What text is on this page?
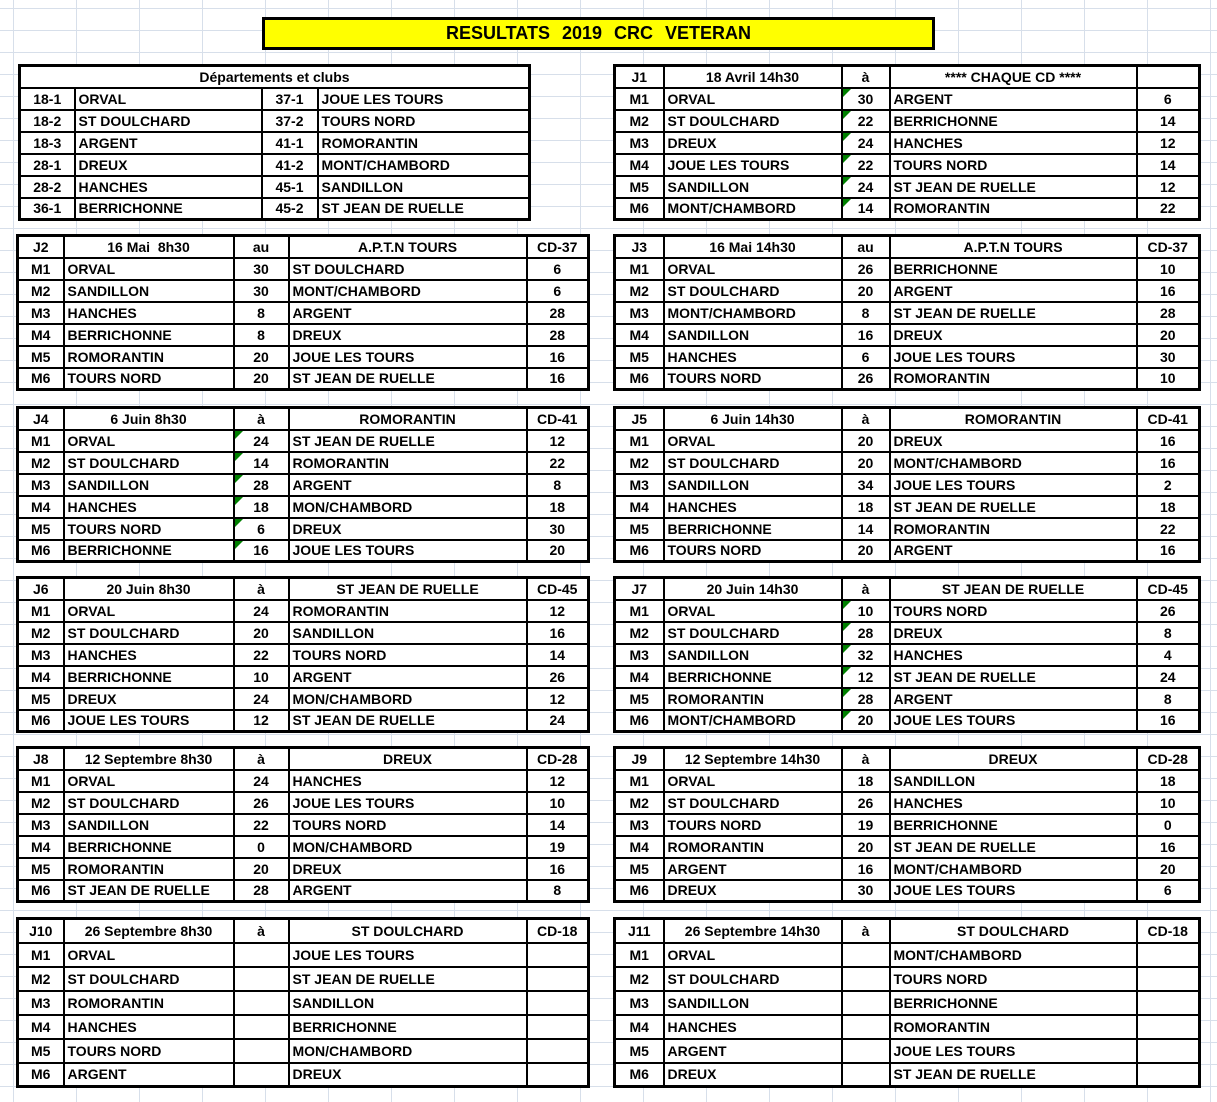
RESULTATS 2019 CRC VETERAN
Départements et clubs			
18-1	ORVAL	37-1	JOUE LES TOURS
18-2	ST DOULCHARD	37-2	TOURS NORD
18-3	ARGENT	41-1	ROMORANTIN
28-1	DREUX	41-2	MONT/CHAMBORD
28-2	HANCHES	45-1	SANDILLON
36-1	BERRICHONNE	45-2	ST JEAN DE RUELLE
J1	18 Avril 14h30	à	**** CHAQUE CD ****	
M1	ORVAL	30	ARGENT	6
M2	ST DOULCHARD	22	BERRICHONNE	14
M3	DREUX	24	HANCHES	12
M4	JOUE LES TOURS	22	TOURS NORD	14
M5	SANDILLON	24	ST JEAN DE RUELLE	12
M6	MONT/CHAMBORD	14	ROMORANTIN	22
J2	16 Mai  8h30	au	A.P.T.N TOURS	CD-37
M1	ORVAL	30	ST DOULCHARD	6
M2	SANDILLON	30	MONT/CHAMBORD	6
M3	HANCHES	8	ARGENT	28
M4	BERRICHONNE	8	DREUX	28
M5	ROMORANTIN	20	JOUE LES TOURS	16
M6	TOURS NORD	20	ST JEAN DE RUELLE	16
J3	16 Mai 14h30	au	A.P.T.N TOURS	CD-37
M1	ORVAL	26	BERRICHONNE	10
M2	ST DOULCHARD	20	ARGENT	16
M3	MONT/CHAMBORD	8	ST JEAN DE RUELLE	28
M4	SANDILLON	16	DREUX	20
M5	HANCHES	6	JOUE LES TOURS	30
M6	TOURS NORD	26	ROMORANTIN	10
J4	6 Juin 8h30	à	ROMORANTIN	CD-41
M1	ORVAL	24	ST JEAN DE RUELLE	12
M2	ST DOULCHARD	14	ROMORANTIN	22
M3	SANDILLON	28	ARGENT	8
M4	HANCHES	18	MON/CHAMBORD	18
M5	TOURS NORD	6	DREUX	30
M6	BERRICHONNE	16	JOUE LES TOURS	20
J5	6 Juin 14h30	à	ROMORANTIN	CD-41
M1	ORVAL	20	DREUX	16
M2	ST DOULCHARD	20	MONT/CHAMBORD	16
M3	SANDILLON	34	JOUE LES TOURS	2
M4	HANCHES	18	ST JEAN DE RUELLE	18
M5	BERRICHONNE	14	ROMORANTIN	22
M6	TOURS NORD	20	ARGENT	16
J6	20 Juin 8h30	à	ST JEAN DE RUELLE	CD-45
M1	ORVAL	24	ROMORANTIN	12
M2	ST DOULCHARD	20	SANDILLON	16
M3	HANCHES	22	TOURS NORD	14
M4	BERRICHONNE	10	ARGENT	26
M5	DREUX	24	MON/CHAMBORD	12
M6	JOUE LES TOURS	12	ST JEAN DE RUELLE	24
J7	20 Juin 14h30	à	ST JEAN DE RUELLE	CD-45
M1	ORVAL	10	TOURS NORD	26
M2	ST DOULCHARD	28	DREUX	8
M3	SANDILLON	32	HANCHES	4
M4	BERRICHONNE	12	ST JEAN DE RUELLE	24
M5	ROMORANTIN	28	ARGENT	8
M6	MONT/CHAMBORD	20	JOUE LES TOURS	16
J8	12 Septembre 8h30	à	DREUX	CD-28
M1	ORVAL	24	HANCHES	12
M2	ST DOULCHARD	26	JOUE LES TOURS	10
M3	SANDILLON	22	TOURS NORD	14
M4	BERRICHONNE	0	MON/CHAMBORD	19
M5	ROMORANTIN	20	DREUX	16
M6	ST JEAN DE RUELLE	28	ARGENT	8
J9	12 Septembre 14h30	à	DREUX	CD-28
M1	ORVAL	18	SANDILLON	18
M2	ST DOULCHARD	26	HANCHES	10
M3	TOURS NORD	19	BERRICHONNE	0
M4	ROMORANTIN	20	ST JEAN DE RUELLE	16
M5	ARGENT	16	MONT/CHAMBORD	20
M6	DREUX	30	JOUE LES TOURS	6
J10	26 Septembre 8h30	à	ST DOULCHARD	CD-18
M1	ORVAL		JOUE LES TOURS	
M2	ST DOULCHARD		ST JEAN DE RUELLE	
M3	ROMORANTIN		SANDILLON	
M4	HANCHES		BERRICHONNE	
M5	TOURS NORD		MON/CHAMBORD	
M6	ARGENT		DREUX	
J11	26 Septembre 14h30	à	ST DOULCHARD	CD-18
M1	ORVAL		MONT/CHAMBORD	
M2	ST DOULCHARD		TOURS NORD	
M3	SANDILLON		BERRICHONNE	
M4	HANCHES		ROMORANTIN	
M5	ARGENT		JOUE LES TOURS	
M6	DREUX		ST JEAN DE RUELLE	
